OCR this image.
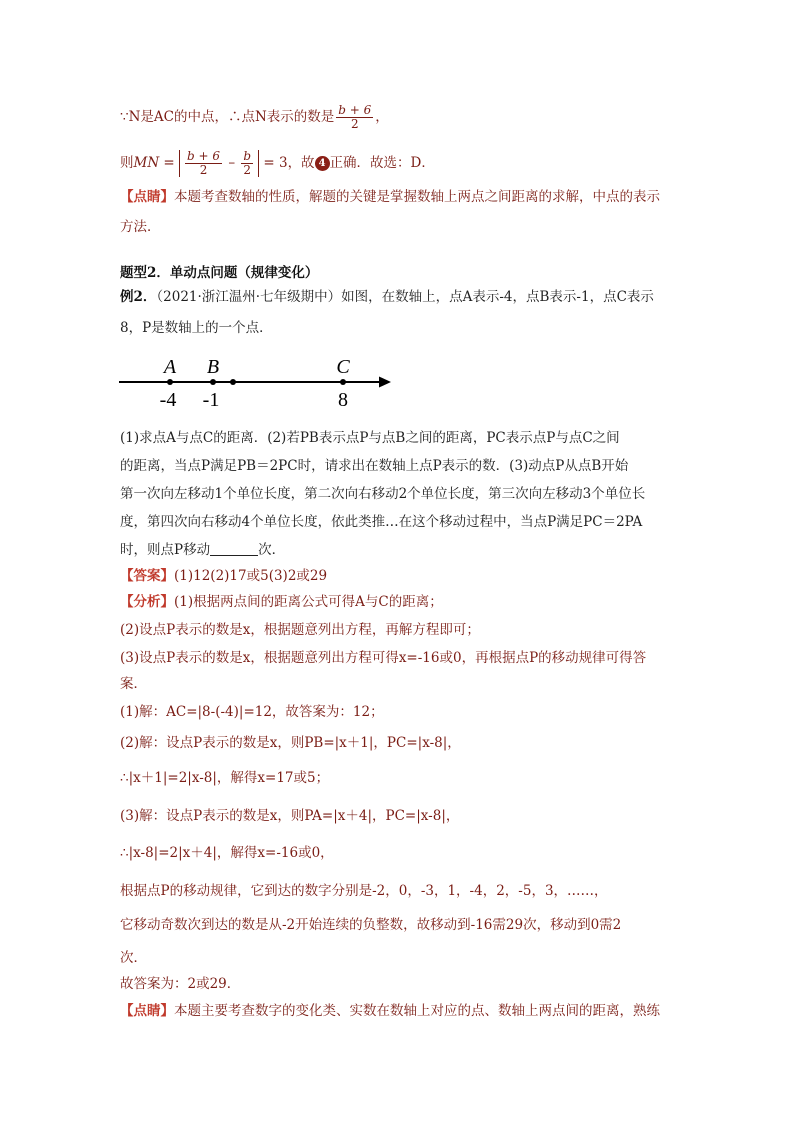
∵N是AC的中点，∴点N表示的数是 $\frac{b + 6}{2}$ ，
则MN = $\frac{b + 6}{2} - \frac{b}{2} = 3$，故 4 正确．故选：D．
【点睛】本题考查数轴的性质，解题的关键是掌握数轴上两点之间距离的求解，中点的表示
方法．
题型2．单动点问题（规律变化）
例2．（2021·浙江温州·七年级期中）如图，在数轴上，点A表示-4，点B表示-1，点C表示
8，P是数轴上的一个点．
A B	C
-4 -1	8
(1)求点A与点C的距离．(2)若PB表示点P与点B之间的距离，PC表示点P与点C之间
的距离，当点P满足PB＝2PC时，请求出在数轴上点P表示的数．(3)动点P从点B开始
第一次向左移动1个单位长度，第二次向右移动2个单位长度，第三次向左移动3个单位长
度，第四次向右移动4个单位长度，依此类推…在这个移动过程中，当点P满足PC＝2PA
时，则点P移动	次．
【答案】(1)12(2)17或5(3)2或29
【分析】(1)根据两点间的距离公式可得A与C的距离；
(2)设点P表示的数是x，根据题意列出方程，再解方程即可；
(3)设点P表示的数是x，根据题意列出方程可得x=-16或0，再根据点P的移动规律可得答
案．
(1)解：AC=|8-(-4)|=12，故答案为：12；
(2)解：设点P表示的数是x，则PB=|x＋1|，PC=|x-8|，
∴|x＋1|=2|x-8|，解得x=17或5；
(3)解：设点P表示的数是x，则PA=|x＋4|，PC=|x-8|，
∴|x-8|=2|x＋4|，解得x=-16或0，
根据点P的移动规律，它到达的数字分别是-2，0，-3，1，-4，2，-5，3，……，
它移动奇数次到达的数是从-2开始连续的负整数，故移动到-16需29次，移动到0需2
次．
故答案为：2或29．
【点睛】本题主要考查数字的变化类、实数在数轴上对应的点、数轴上两点间的距离，熟练
